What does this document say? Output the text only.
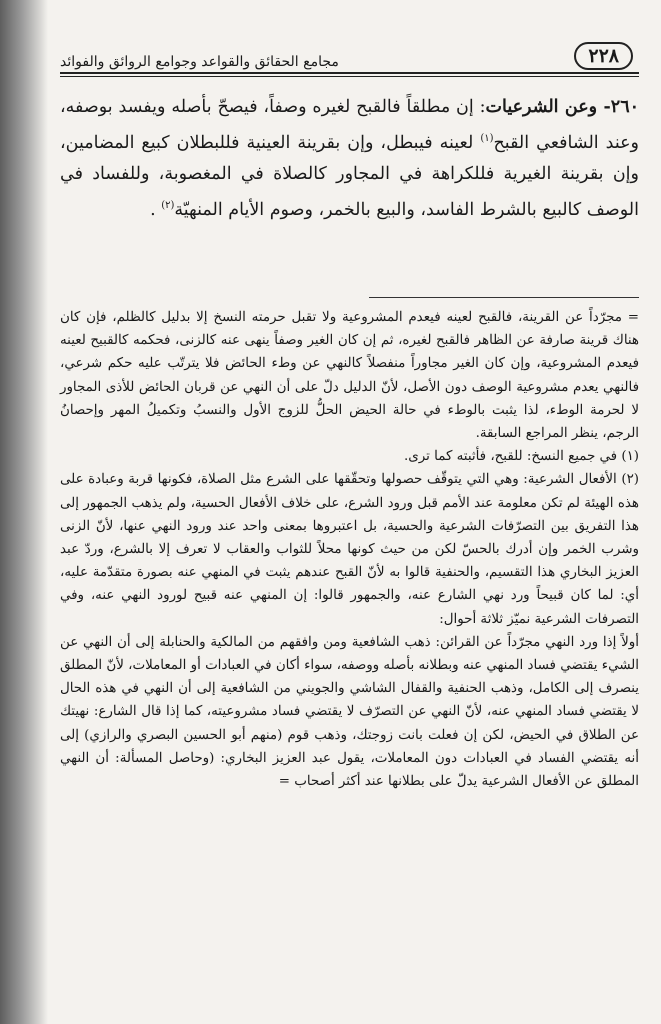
٢٢٨
مجامع الحقائق والقواعد وجوامع الروائق والفوائد

٢٦٠- وعن الشرعيات: إن مطلقاً فالقبح لغيره وصفاً، فيصحّ بأصله ويفسد بوصفه، وعند الشافعي القبح$^{(١)}$ لعينه فيبطل، وإن بقرينة العينية فللبطلان كبيع المضامين، وإن بقرينة الغيرية فللكراهة في المجاور كالصلاة في المغصوبة، وللفساد في الوصف كالبيع بالشرط الفاسد، والبيع بالخمر، وصوم الأيام المنهيّة$^{(٢)}$ .

= مجرّداً عن القرينة، فالقبح لعينه فيعدم المشروعية ولا تقبل حرمته النسخ إلا بدليل كالظلم، فإن كان هناك قرينة صارفة عن الظاهر فالقبح لغيره، ثم إن كان الغير وصفاً ينهى عنه كالزنى، فحكمه كالقبيح لعينه فيعدم المشروعية، وإن كان الغير مجاوراً منفصلاً كالنهي عن وطء الحائض فلا يترتّب عليه حكم شرعي، فالنهي يعدم مشروعية الوصف دون الأصل، لأنّ الدليل دلّ على أن النهي عن قربان الحائض للأذى المجاور لا لحرمة الوطء، لذا يثبت بالوطء في حالة الحيض الحلُّ للزوج الأول والنسبُ وتكميلُ المهر وإحصانُ الرجم، ينظر المراجع السابقة.

(١) في جميع النسخ: للقبح، فأثبته كما ترى.

(٢) الأفعال الشرعية: وهي التي يتوقّف حصولها وتحقّقها على الشرع مثل الصلاة، فكونها قربة وعبادة على هذه الهيئة لم تكن معلومة عند الأمم قبل ورود الشرع، على خلاف الأفعال الحسية، ولم يذهب الجمهور إلى هذا التفريق بين التصرّفات الشرعية والحسية، بل اعتبروها بمعنى واحد عند ورود النهي عنها، لأنّ الزنى وشرب الخمر وإن أدرك بالحسّ لكن من حيث كونها محلاً للثواب والعقاب لا تعرف إلا بالشرع، وردّ عبد العزيز البخاري هذا التقسيم، والحنفية قالوا به لأنّ القبح عندهم يثبت في المنهي عنه بصورة متقدّمة عليه، أي: لما كان قبيحاً ورد نهي الشارع عنه، والجمهور قالوا: إن المنهي عنه قبيح لورود النهي عنه، وفي التصرفات الشرعية نميّز ثلاثة أحوال:

أولاً إذا ورد النهي مجرّداً عن القرائن: ذهب الشافعية ومن وافقهم من المالكية والحنابلة إلى أن النهي عن الشيء يقتضي فساد المنهي عنه وبطلانه بأصله ووصفه، سواء أكان في العبادات أو المعاملات، لأنّ المطلق ينصرف إلى الكامل، وذهب الحنفية والقفال الشاشي والجويني من الشافعية إلى أن النهي في هذه الحال لا يقتضي فساد المنهي عنه، لأنّ النهي عن التصرّف لا يقتضي فساد مشروعيته، كما إذا قال الشارع: نهيتك عن الطلاق في الحيض، لكن إن فعلت بانت زوجتك، وذهب قوم (منهم أبو الحسين البصري والرازي) إلى أنه يقتضي الفساد في العبادات دون المعاملات، يقول عبد العزيز البخاري: (وحاصل المسألة: أن النهي المطلق عن الأفعال الشرعية يدلّ على بطلانها عند أكثر أصحاب =
